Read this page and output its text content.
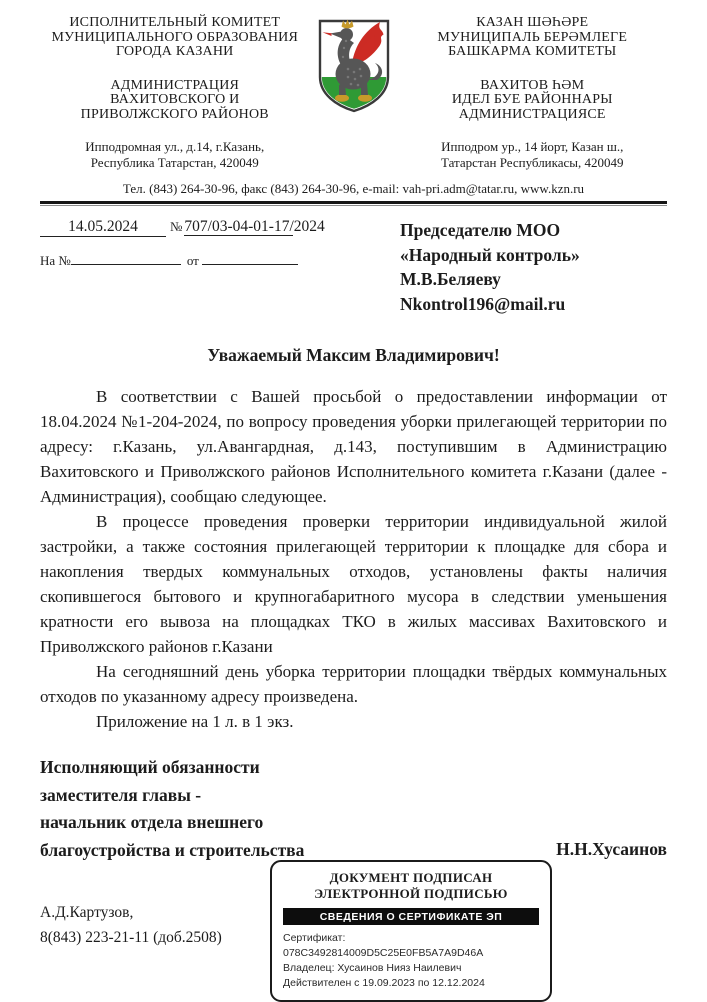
ИСПОЛНИТЕЛЬНЫЙ КОМИТЕТ
МУНИЦИПАЛЬНОГО ОБРАЗОВАНИЯ
ГОРОДА КАЗАНИ
АДМИНИСТРАЦИЯ
ВАХИТОВСКОГО И
ПРИВОЛЖСКОГО РАЙОНОВ
Ипподромная ул., д.14, г.Казань,
Республика Татарстан, 420049
КАЗАН ШӘҺӘРЕ
МУНИЦИПАЛЬ БЕРӘМЛЕГЕ
БАШКАРМА КОМИТЕТЫ
ВАХИТОВ ҺӘМ
ИДЕЛ БУЕ РАЙОННАРЫ
АДМИНИСТРАЦИЯСЕ
Ипподром ур., 14 йорт, Казан ш.,
Татарстан Республикасы, 420049
Тел. (843) 264-30-96, факс (843) 264-30-96, e-mail: vah-pri.adm@tatar.ru, www.kzn.ru
14.05.2024 № 707/03-04-01-17/2024
На №	от
Председателю МОО
«Народный контроль»
М.В.Беляеву
Nkontrol196@mail.ru
Уважаемый Максим Владимирович!

В соответствии с Вашей просьбой о предоставлении информации от 18.04.2024 №1-204-2024, по вопросу проведения уборки прилегающей территории по адресу: г.Казань, ул.Авангардная, д.143, поступившим в Администрацию Вахитовского и Приволжского районов Исполнительного комитета г.Казани (далее - Администрация), сообщаю следующее.

В процессе проведения проверки территории индивидуальной жилой застройки, а также состояния прилегающей территории к площадке для сбора и накопления твердых коммунальных отходов, установлены факты наличия скопившегося бытового и крупногабаритного мусора в следствии уменьшения кратности его вывоза на площадках ТКО в жилых массивах Вахитовского и Приволжского районов г.Казани

На сегодняшний день уборка территории площадки твёрдых коммунальных отходов по указанному адресу произведена.

Приложение на 1 л. в 1 экз.

Исполняющий обязанности
заместителя главы -
начальник отдела внешнего
благоустройства и строительства	Н.Н.Хусаинов
А.Д.Картузов,
8(843) 223-21-11 (доб.2508)
ДОКУМЕНТ ПОДПИСАН
ЭЛЕКТРОННОЙ ПОДПИСЬЮ
СВЕДЕНИЯ О СЕРТИФИКАТЕ ЭП
Сертификат: 078C3492814009D5C25E0FB5A7A9D46A
Владелец: Хусаинов Нияз Наилевич
Действителен с 19.09.2023 по 12.12.2024
